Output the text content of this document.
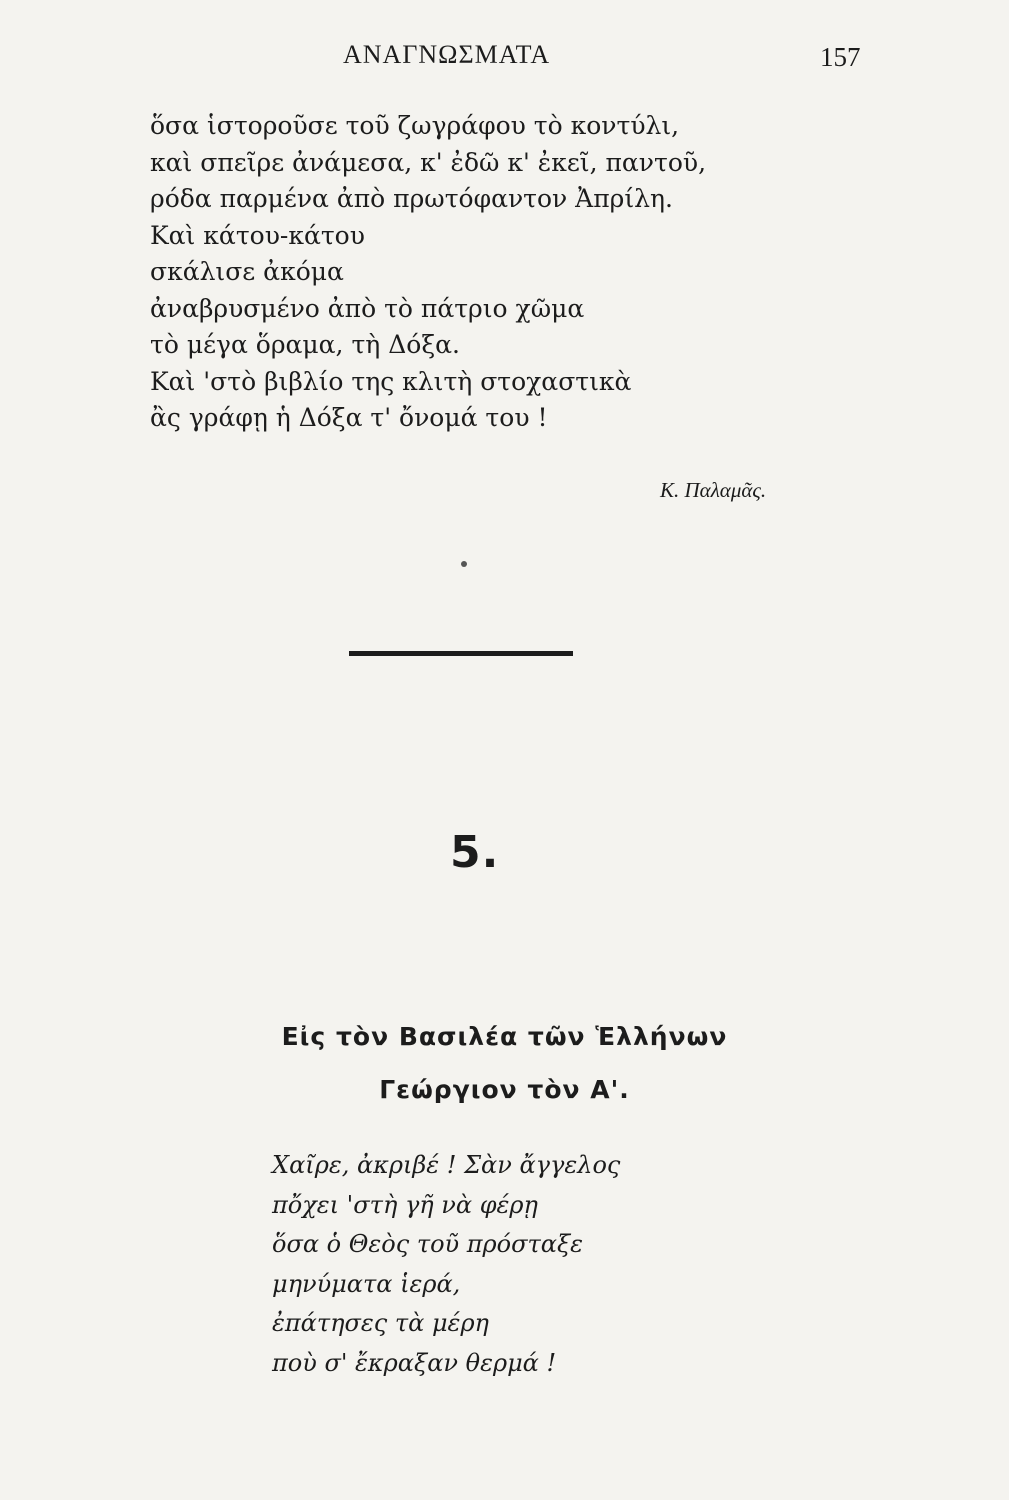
ΑΝΑΓΝΩΣΜΑΤΑ	157
ὅσα ἱστοροῦσε τοῦ ζωγράφου τὸ κοντύλι,
καὶ σπεῖρε ἀνάμεσα, κ' ἐδῶ κ' ἐκεῖ, παντοῦ,
ρόδα παρμένα ἀπὸ πρωτόφαντον Ἀπρίλη.
Καὶ κάτου-κάτου
σκάλισε ἀκόμα
ἀναβρυσμένο ἀπὸ τὸ πάτριο χῶμα
τὸ μέγα ὅραμα, τὴ Δόξα.
Καὶ 'στὸ βιβλίο της κλιτὴ στοχαστικὰ
ἂς γράφῃ ἡ Δόξα τ' ὄνομά του !
Κ. Παλαμᾶς.
5.
Εἰς τὸν Βασιλέα τῶν Ἑλλήνων
Γεώργιον τὸν Α'.
Χαῖρε, ἀκριβέ ! Σὰν ἄγγελος
πὄχει 'στὴ γῆ νὰ φέρῃ
ὅσα ὁ Θεὸς τοῦ πρόσταξε
μηνύματα ἱερά,
ἐπάτησες τὰ μέρη
ποὺ σ' ἔκραξαν θερμά !
